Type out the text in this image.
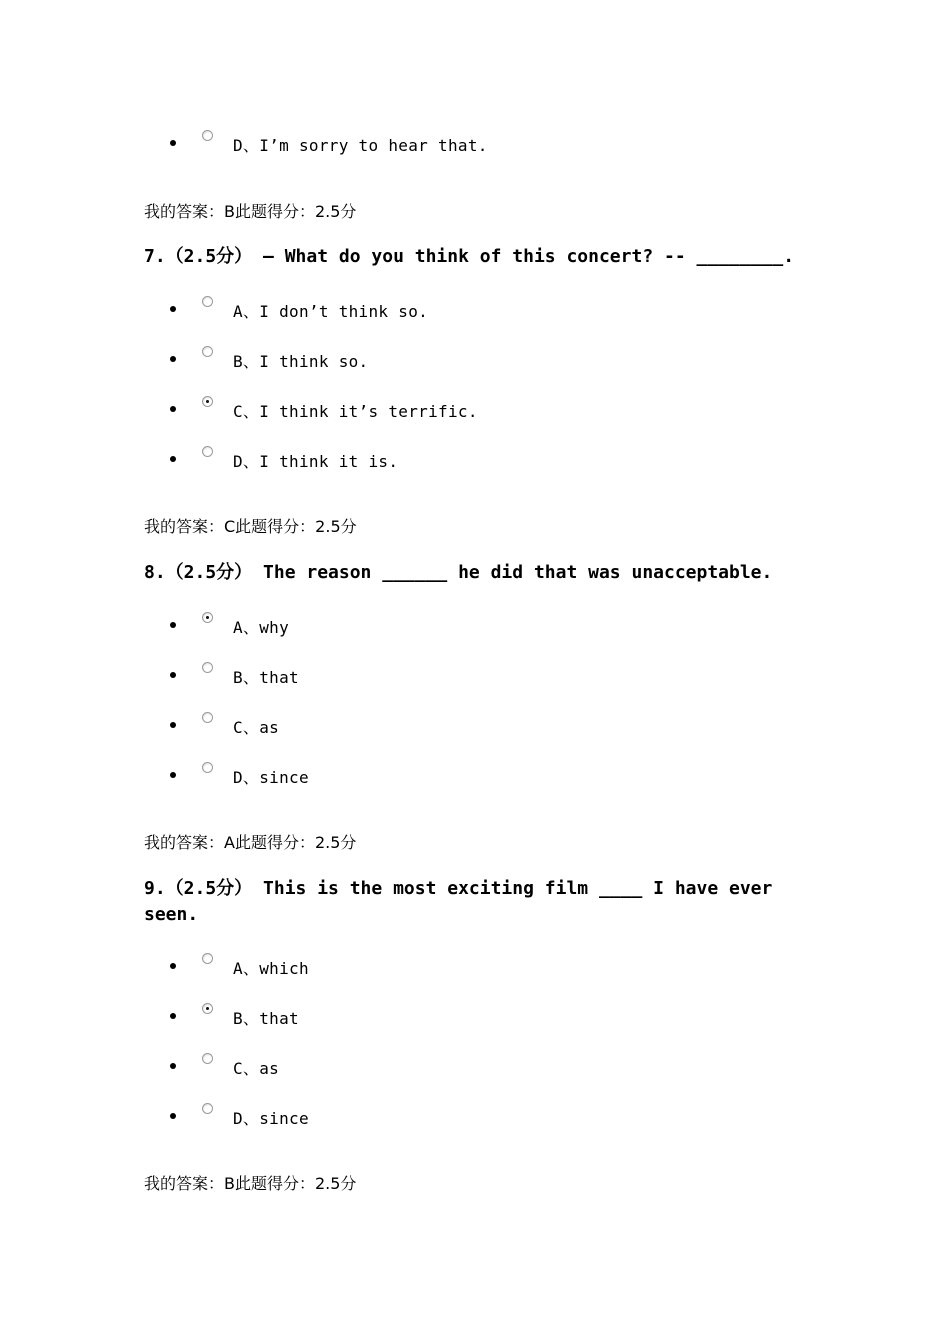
D、I’m sorry to hear that.
我的答案：B此题得分：2.5分
7.（2.5分） – What do you think of this concert? -- ________.
A、I don’t think so.
B、I think so.
C、I think it’s terrific.
D、I think it is.
我的答案：C此题得分：2.5分
8.（2.5分） The reason ______ he did that was unacceptable.
A、why
B、that
C、as
D、since
我的答案：A此题得分：2.5分
9.（2.5分） This is the most exciting film ____ I have ever seen.
A、which
B、that
C、as
D、since
我的答案：B此题得分：2.5分
